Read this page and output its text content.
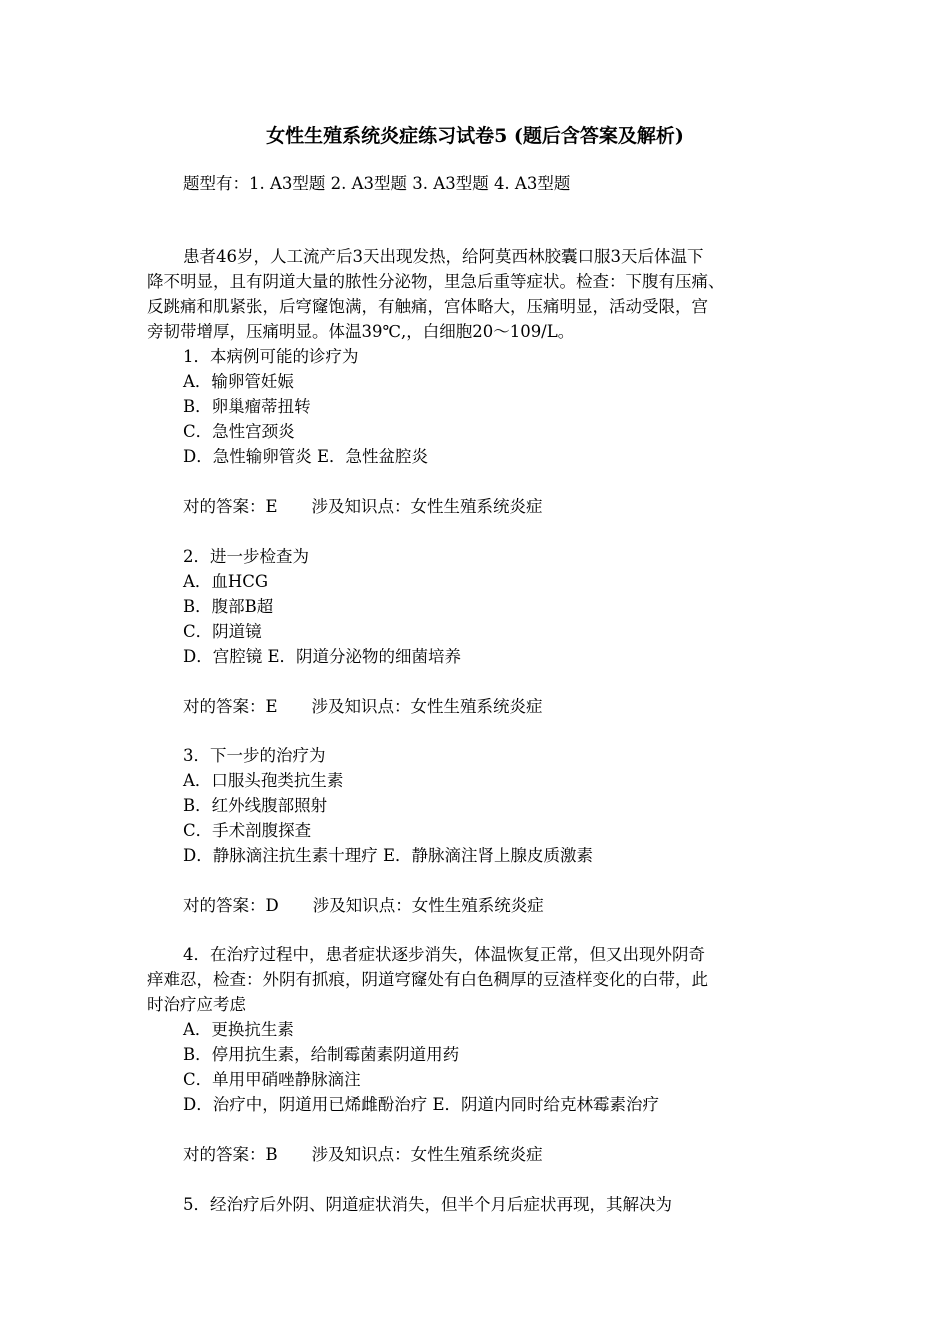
女性生殖系统炎症练习试卷5 (题后含答案及解析)
题型有：1. A3型题 2. A3型题 3. A3型题 4. A3型题
患者46岁，人工流产后3天出现发热，给阿莫西林胶囊口服3天后体温下
降不明显，且有阴道大量的脓性分泌物，里急后重等症状。检查：下腹有压痛、
反跳痛和肌紧张，后穹窿饱满，有触痛，宫体略大，压痛明显，活动受限，宫
旁韧带增厚，压痛明显。体温39℃,，白细胞20～109/L。
1．本病例可能的诊疗为
A．输卵管妊娠
B．卵巢瘤蒂扭转
C．急性宫颈炎
D．急性输卵管炎 E．急性盆腔炎
对的答案：E 涉及知识点：女性生殖系统炎症
2．进一步检查为
A．血HCG
B．腹部B超
C．阴道镜
D．宫腔镜 E．阴道分泌物的细菌培养
对的答案：E 涉及知识点：女性生殖系统炎症
3．下一步的治疗为
A．口服头孢类抗生素
B．红外线腹部照射
C．手术剖腹探查
D．静脉滴注抗生素十理疗 E．静脉滴注肾上腺皮质激素
对的答案：D 涉及知识点：女性生殖系统炎症
4．在治疗过程中，患者症状逐步消失，体温恢复正常，但又出现外阴奇
痒难忍，检查：外阴有抓痕，阴道穹窿处有白色稠厚的豆渣样变化的白带，此
时治疗应考虑
A．更换抗生素
B．停用抗生素，给制霉菌素阴道用药
C．单用甲硝唑静脉滴注
D．治疗中，阴道用已烯雌酚治疗 E．阴道内同时给克林霉素治疗
对的答案：B 涉及知识点：女性生殖系统炎症
5．经治疗后外阴、阴道症状消失，但半个月后症状再现，其解决为
